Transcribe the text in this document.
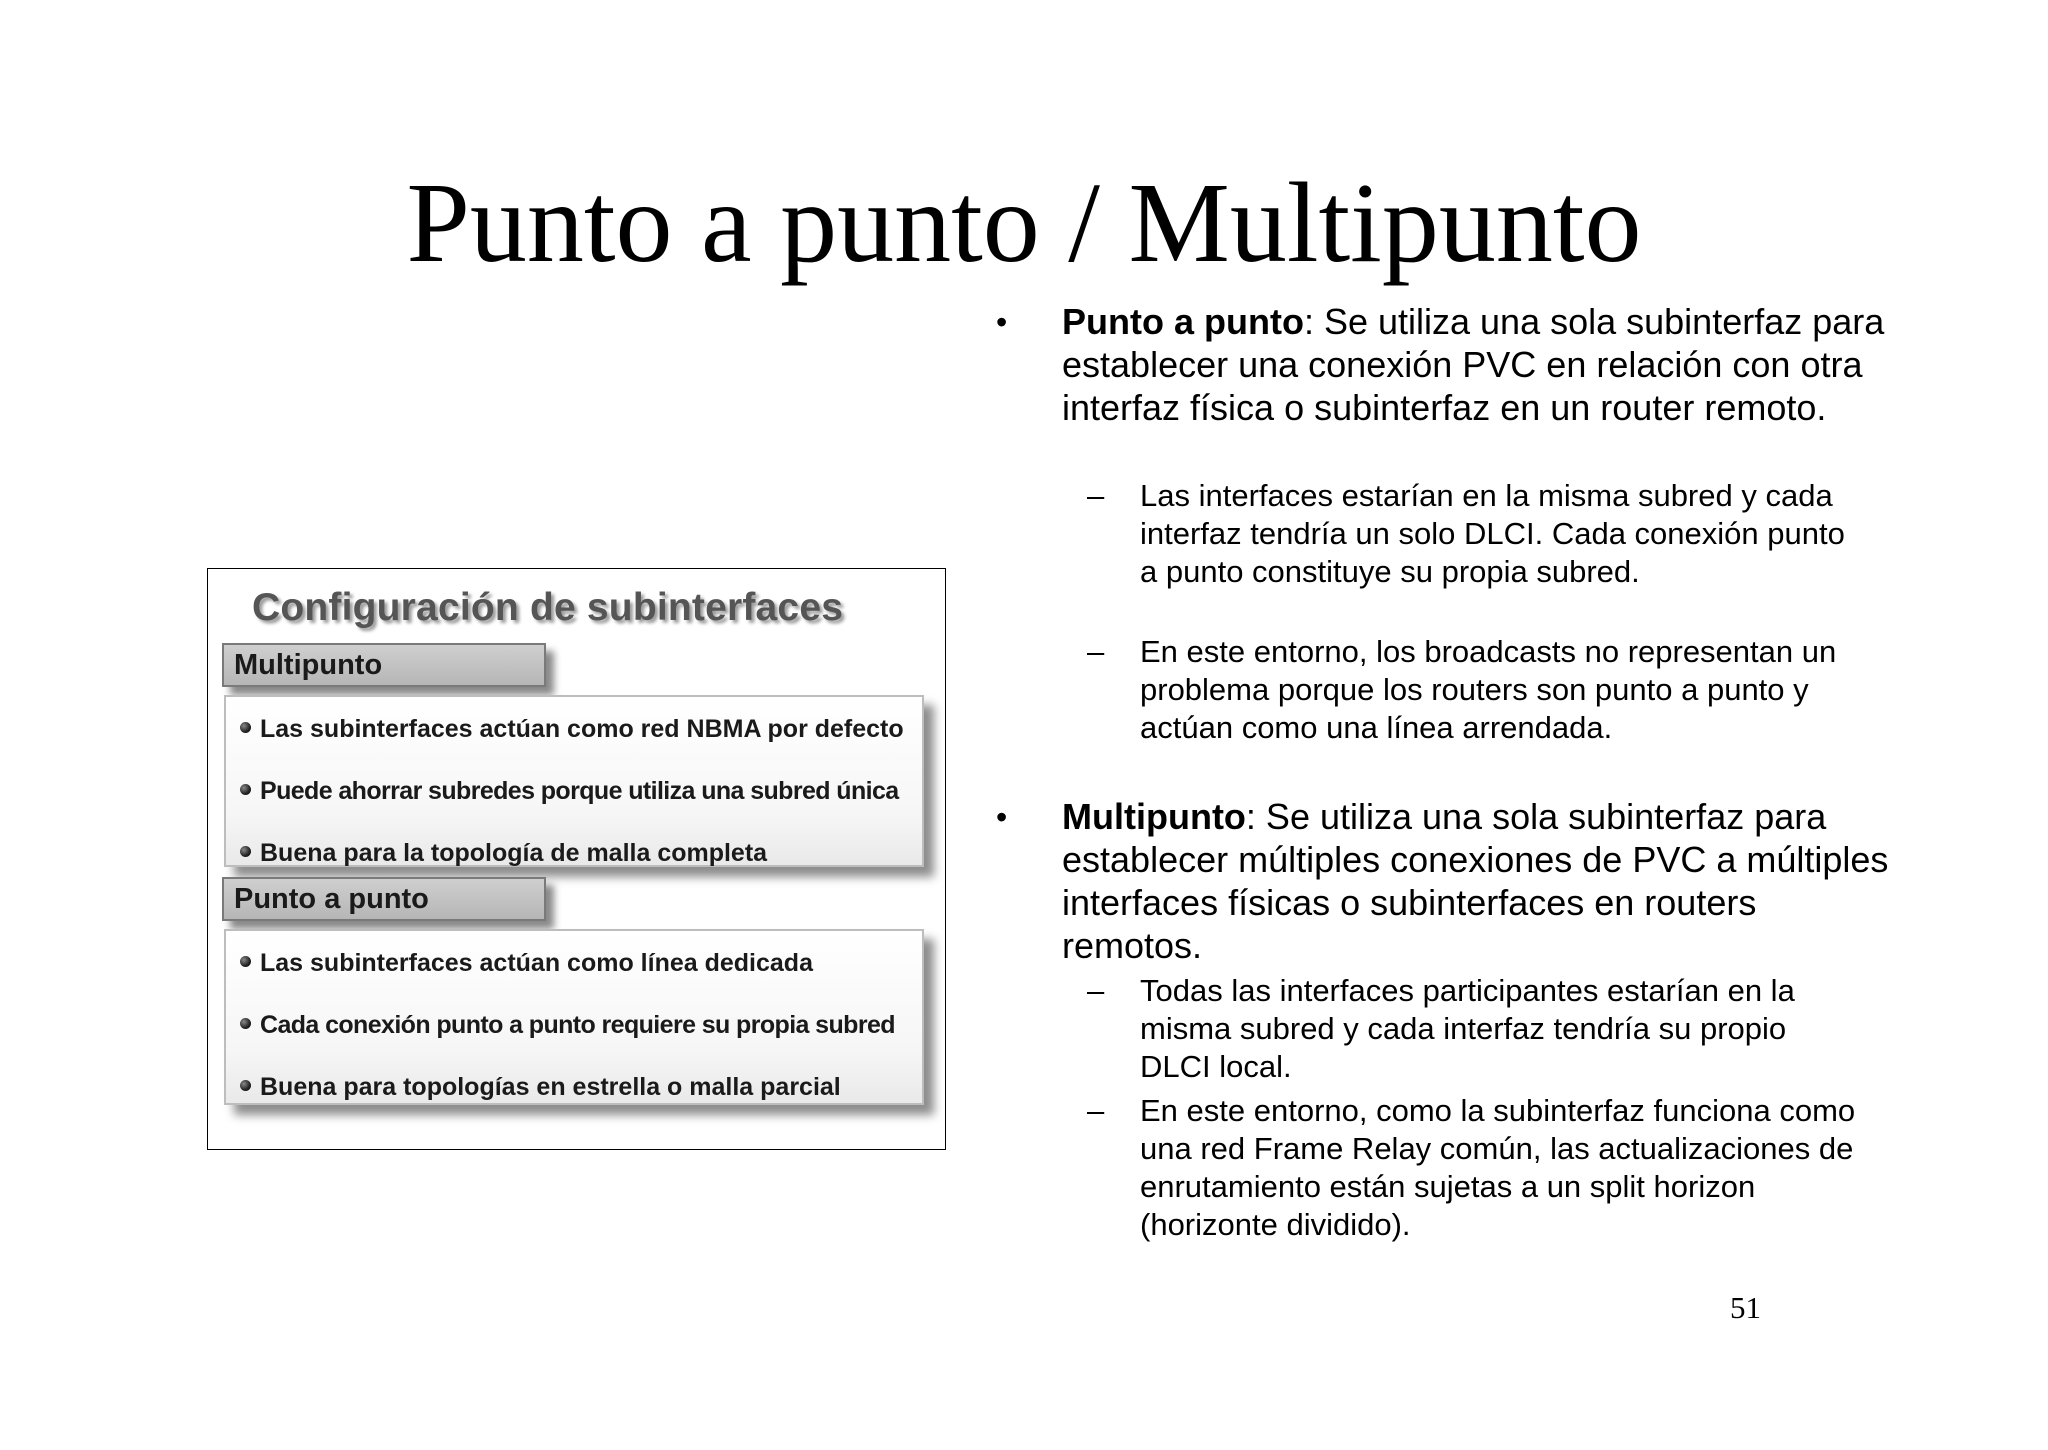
Punto a punto / Multipunto
Configuración de subinterfaces
Multipunto
Las subinterfaces actúan como red NBMA por defecto
Puede ahorrar subredes porque utiliza una subred única
Buena para la topología de malla completa
Punto a punto
Las subinterfaces actúan como línea dedicada
Cada conexión punto a punto requiere su propia subred
Buena para topologías en estrella o malla parcial
• Punto a punto: Se utiliza una sola subinterfaz para establecer una conexión PVC en relación con otra interfaz física o subinterfaz en un router remoto.

– Las interfaces estarían en la misma subred y cada interfaz tendría un solo DLCI. Cada conexión punto a punto constituye su propia subred.

– En este entorno, los broadcasts no representan un problema porque los routers son punto a punto y actúan como una línea arrendada.

• Multipunto: Se utiliza una sola subinterfaz para establecer múltiples conexiones de PVC a múltiples interfaces físicas o subinterfaces en routers remotos.

– Todas las interfaces participantes estarían en la misma subred y cada interfaz tendría su propio DLCI local.

– En este entorno, como la subinterfaz funciona como una red Frame Relay común, las actualizaciones de enrutamiento están sujetas a un split horizon (horizonte dividido).

51
